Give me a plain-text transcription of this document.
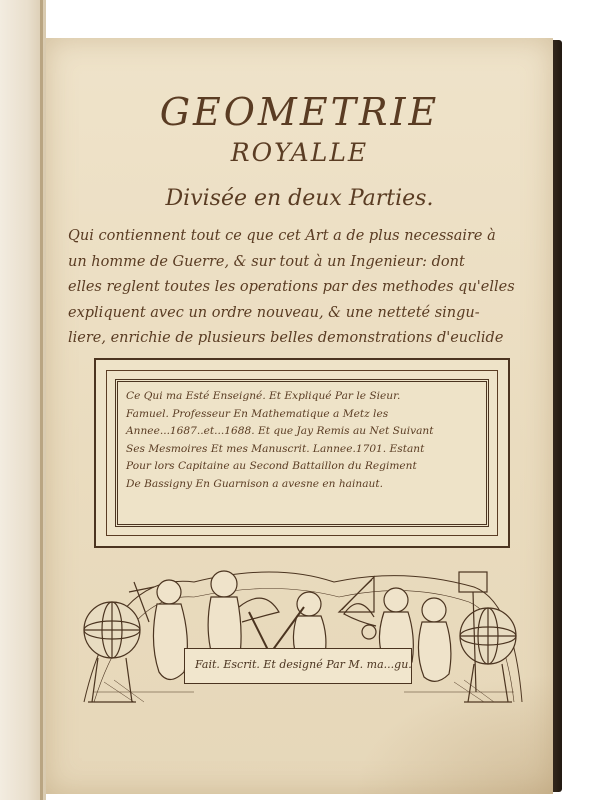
GEOMETRIE
ROYALLE
Divisée en deux Parties.
Qui contiennent tout ce que cet Art a de plus necessaire à
un homme de Guerre, & sur tout à un Ingenieur: dont
elles reglent toutes les operations par des methodes qu'elles
expliquent avec un ordre nouveau, & une netteté singu-
liere, enrichie de plusieurs belles demonstrations d'euclide
Ce Qui ma Esté Enseigné. Et Expliqué Par le Sieur.
Famuel. Professeur En Mathematique a Metz les
Annee...1687..et...1688. Et que Jay Remis au Net Suivant
Ses Mesmoires Et mes Manuscrit. Lannee.1701. Estant
Pour lors Capitaine au Second Battaillon du Regiment
De Bassigny En Guarnison a avesne en hainaut.
Fait. Escrit. Et designé Par M. ma...gu.
